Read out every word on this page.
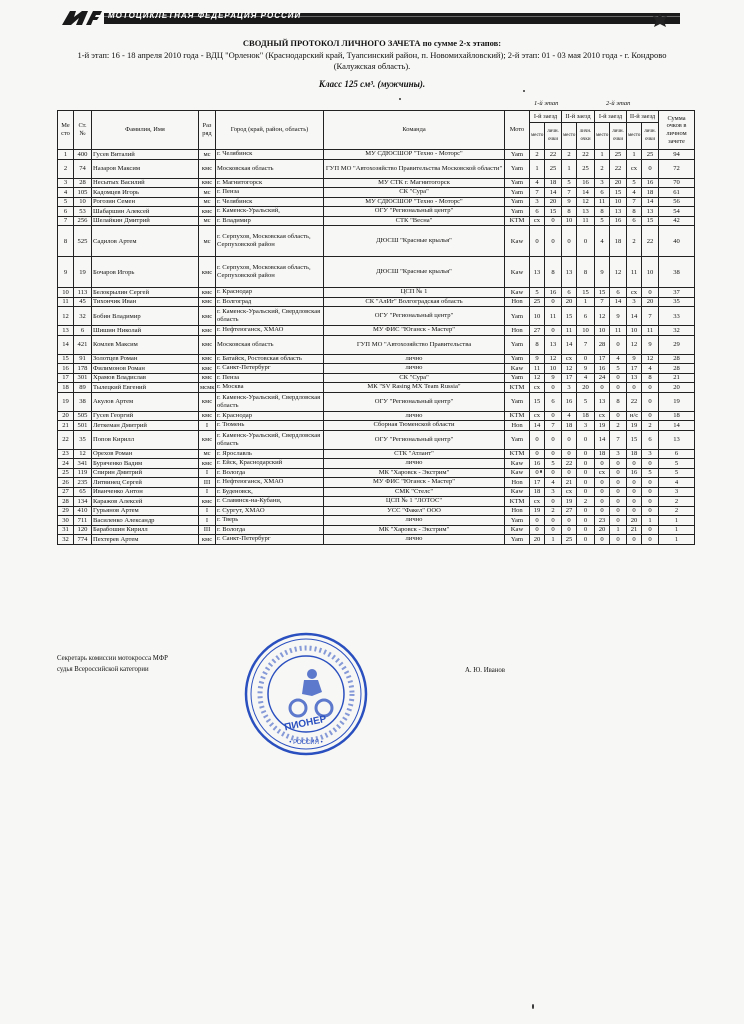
МОТОЦИКЛЕТНАЯ ФЕДЕРАЦИЯ РОССИИ
СВОДНЫЙ ПРОТОКОЛ ЛИЧНОГО ЗАЧЕТА по сумме 2-х этапов:
1-й этап: 16 - 18 апреля 2010 года - ВДЦ "Орленок" (Краснодарский край, Туапсинский район, п. Новомихайловский); 2-й этап: 01 - 03 мая 2010 года - г. Кондрово (Калужская область).
Класс 125 см³. (мужчины).
1-й этап	2-й этап
Ме сто	Ст. №	Фамилия, Имя	Раз ряд	Город (край, район, область)	Команда	Мото	I-й заезд		II-й заезд		I-й заезд		II-й заезд		Сумма очков в личном зачете
							место	личн. очки	место	личн. очки	место	личн. очки	место	личн. очки	
1	400	Гусев Виталий	мс	г. Челябинск	МУ СДЮСШОР "Техно - Моторс"	Yam	2	22	2	22	1	25	1	25	94
2	74	Назаров Максим	кмс	Московская область	ГУП МО "Автохозяйство Правительства Московской области"	Yam	1	25	1	25	2	22	сх	0	72
3	28	Несытых Василий	кмс	г. Магнитогорск	МУ СТК г. Магнитогорск	Yam	4	18	5	16	3	20	5	16	70
4	105	Кадомцев Игорь	мс	г. Пенза	СК "Сура"	Yam	7	14	7	14	6	15	4	18	61
5	10	Рогозин Семен	мс	г. Челябинск	МУ СДЮСШОР "Техно - Моторс"	Yam	3	20	9	12	11	10	7	14	56
6	53	Шабаршин Алексей	кмс	г. Каменск-Уральский,	ОГУ "Региональный центр"	Yam	6	15	8	13	8	13	8	13	54
7	256	Шелайкин Дмитрий	мс	г. Владимир	СТК "Весна"	KTM	сх	0	10	11	5	16	6	15	42
8	525	Садилов Артем	мс	г. Серпухов, Московская область, Серпуховской район	ДЮСШ "Красные крылья"	Kaw	0	0	0	0	4	18	2	22	40
9	19	Бочаров Игорь	кмс	г. Серпухов, Московская область, Серпуховской район	ДЮСШ "Красные крылья"	Kaw	13	8	13	8	9	12	11	10	38
10	113	Белокрылин Сергей	кмс	г. Краснодар	ЦСП № 1	Kaw	5	16	6	15	15	6	сх	0	37
11	45	Тихончик Иван	кмс	г. Волгоград	СК "АлИг" Волгоградская область	Hon	25	0	20	1	7	14	3	20	35
12	32	Бобин Владимир	кмс	г. Каменск-Уральский, Свердловская область	ОГУ "Региональный центр"	Yam	10	11	15	6	12	9	14	7	33
13	6	Шишин Николай	кмс	г. Нефтеюганск, ХМАО	МУ ФИС "Юганск - Мастер"	Hon	27	0	11	10	10	11	10	11	32
14	421	Комлев Максим	кмс	Московская область	ГУП МО "Автохозяйство Правительства	Yam	8	13	14	7	28	0	12	9	29
15	91	Золотцев Роман	кмс	г. Батайск, Ростовская область	лично	Yam	9	12	сх	0	17	4	9	12	28
16	178	Филимонов Роман	кмс	г. Санкт-Петербург	лично	Kaw	11	10	12	9	16	5	17	4	28
17	301	Храмов Владислав	кмс	г. Пенза	СК "Сура"	Yam	12	9	17	4	24	0	13	8	21
18	89	Тылецкий Евгений	мсмк	г. Москва	МК "SV Rasing MX Team Russia"	KTM	сх	0	3	20	0	0	0	0	20
19	38	Акулов Артем	кмс	г. Каменск-Уральский, Свердловская область	ОГУ "Региональный центр"	Yam	15	6	16	5	13	8	22	0	19
20	505	Гусев Георгий	кмс	г. Краснодар	лично	KTM	сх	0	4	18	сх	0	н/с	0	18
21	501	Леткеман Дмитрий	I	г. Тюмень	Сборная Тюменской области	Hon	14	7	18	3	19	2	19	2	14
22	35	Попов Кирилл	кмс	г. Каменск-Уральский, Свердловская область	ОГУ "Региональный центр"	Yam	0	0	0	0	14	7	15	6	13
23	12	Орехов Роман	мс	г. Ярославль	СТК "Атлант"	KTM	0	0	0	0	18	3	18	3	6
24	341	Буряченко Вадим	кмс	г. Ейск, Краснодарский	лично	Kaw	16	5	22	0	0	0	0	0	5
25	119	Спирин Дмитрий	I	г. Вологда	МК "Харовск - Экстрим"	Kaw	0	0	0	0	сх	0	16	5	5
26	235	Литвинец Сергей	III	г. Нефтеюганск, ХМАО	МУ ФИС "Юганск - Мастер"	Hon	17	4	21	0	0	0	0	0	4
27	65	Иванченко Антон	I	г. Буденовск,	СМК "Стелс"	Kaw	18	3	сх	0	0	0	0	0	3
28	134	Каражов Алексей	кмс	г. Славянск-на-Кубани,	ЦСП № 1 "ЛОТОС"	KTM	сх	0	19	2	0	0	0	0	2
29	410	Гурьянов Артем	I	г. Сургут, ХМАО	УСС "Факел" ООО	Hon	19	2	27	0	0	0	0	0	2
30	711	Василенко Александр	I	г. Тверь	лично	Yam	0	0	0	0	23	0	20	1	1
31	120	Барабошин Кирилл	III	г. Вологда	МК "Харовск - Экстрим"	Kaw	0	0	0	0	20	1	21	0	1
32	774	Пехтерев Артем	кмс	г. Санкт-Петербург	лично	Yam	20	1	25	0	0	0	0	0	1
Секретарь комиссии мотокросса МФР
судья Всероссийской категории	А. Ю. Иванов
ПИОНЕР
• РОССИЯ •
